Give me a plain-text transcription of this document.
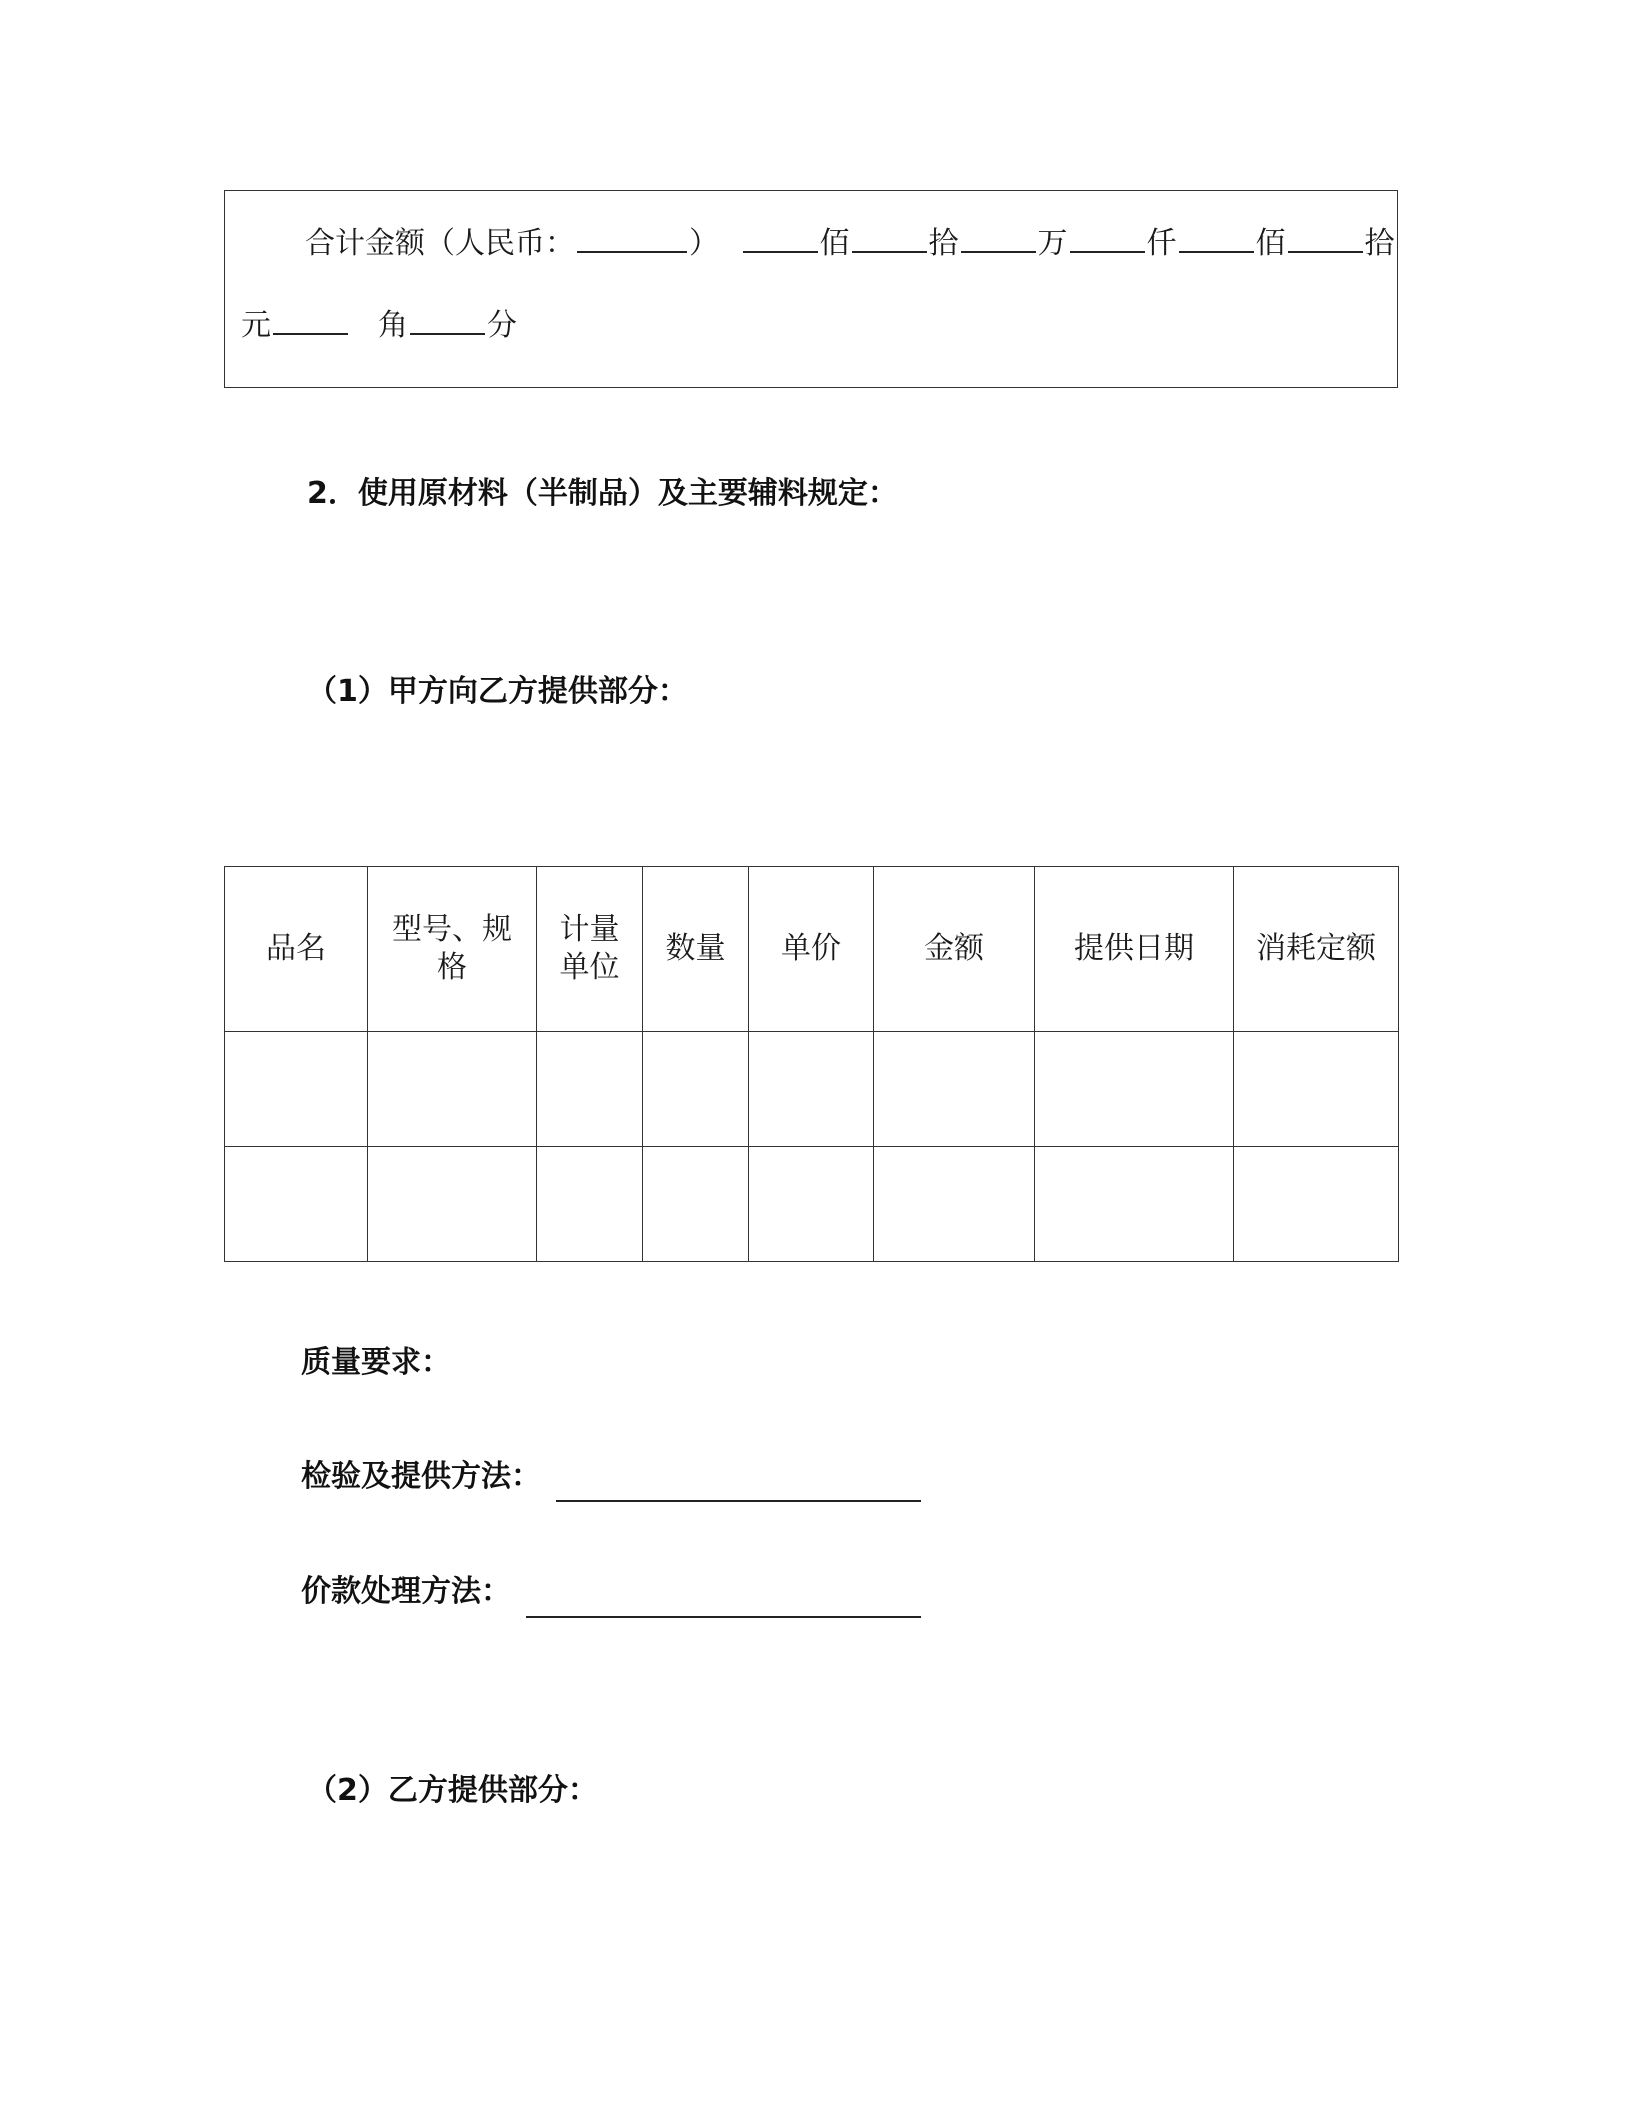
合计金额（人民币：	）	佰	拾	万	仟	佰	拾
元	角	分
2．使用原材料（半制品）及主要辅料规定：
（1）甲方向乙方提供部分：
品名	型号、规格	计量单位	数量	单价	金额	提供日期	消耗定额

质量要求：
检验及提供方法：
价款处理方法：
（2）乙方提供部分：
